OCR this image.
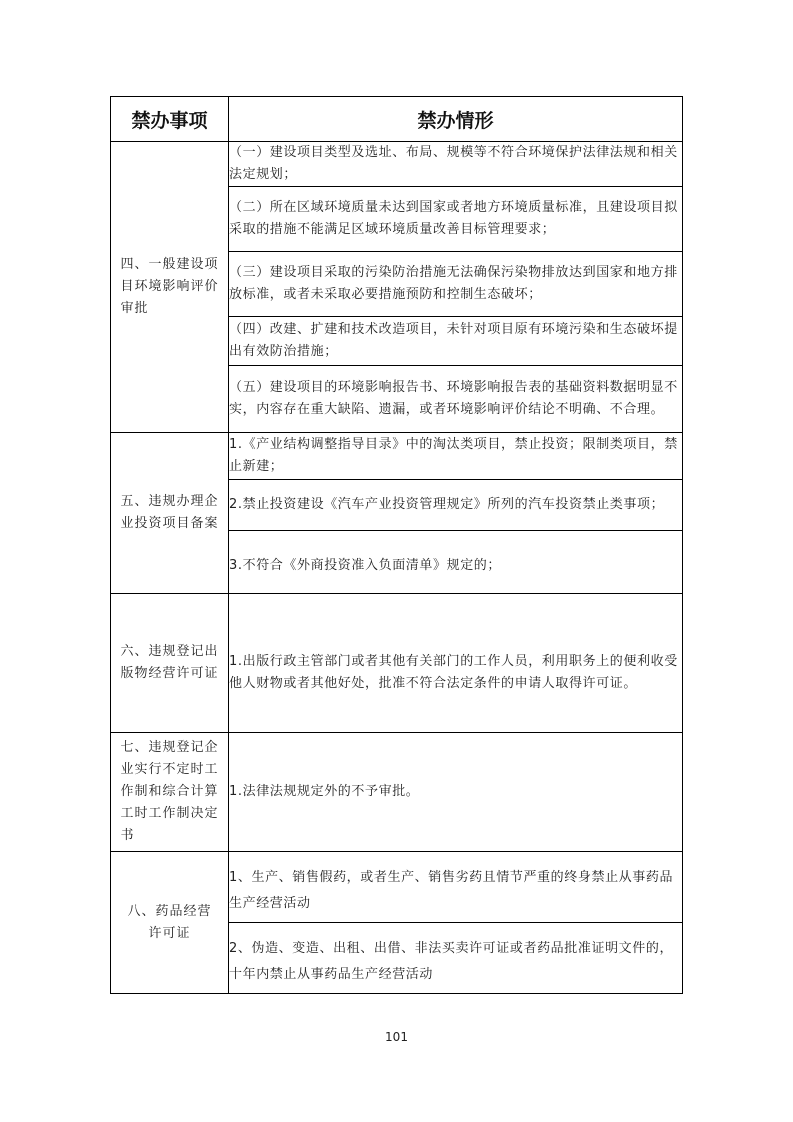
禁办事项	禁办情形
四、一般建设项目环境影响评价审批	（一）建设项目类型及选址、布局、规模等不符合环境保护法律法规和相关法定规划；
	（二）所在区域环境质量未达到国家或者地方环境质量标准，且建设项目拟采取的措施不能满足区域环境质量改善目标管理要求；
	（三）建设项目采取的污染防治措施无法确保污染物排放达到国家和地方排放标准，或者未采取必要措施预防和控制生态破坏；
	（四）改建、扩建和技术改造项目，未针对项目原有环境污染和生态破坏提出有效防治措施；
	（五）建设项目的环境影响报告书、环境影响报告表的基础资料数据明显不实，内容存在重大缺陷、遗漏，或者环境影响评价结论不明确、不合理。
五、违规办理企业投资项目备案	1.《产业结构调整指导目录》中的淘汰类项目，禁止投资；限制类项目，禁止新建；
	2.禁止投资建设《汽车产业投资管理规定》所列的汽车投资禁止类事项；
	3.不符合《外商投资准入负面清单》规定的；
六、违规登记出版物经营许可证	1.出版行政主管部门或者其他有关部门的工作人员，利用职务上的便利收受他人财物或者其他好处，批准不符合法定条件的申请人取得许可证。
七、违规登记企业实行不定时工作制和综合计算工时工作制决定书	1.法律法规规定外的不予审批。
八、药品经营许可证	1、生产、销售假药，或者生产、销售劣药且情节严重的终身禁止从事药品生产经营活动
	2、伪造、变造、出租、出借、非法买卖许可证或者药品批准证明文件的，十年内禁止从事药品生产经营活动
101
